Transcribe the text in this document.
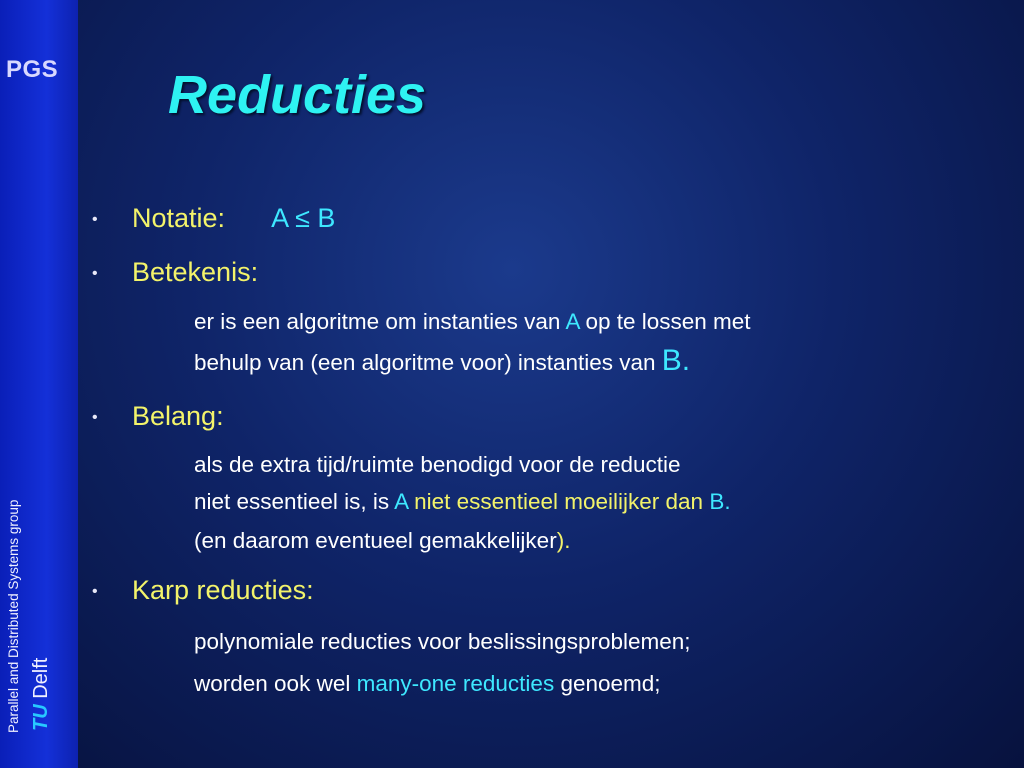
PGS
Parallel and Distributed Systems group TU Delft
Reducties
• Notatie: A ≤ B
• Betekenis:
er is een algoritme om instanties van A op te lossen met
behulp van (een algoritme voor) instanties van B.
• Belang:
als de extra tijd/ruimte benodigd voor de reductie
niet essentieel is, is A niet essentieel moeilijker dan B.
(en daarom eventueel gemakkelijker).
• Karp reducties:
polynomiale reducties voor beslissingsproblemen;
worden ook wel many-one reducties genoemd;
